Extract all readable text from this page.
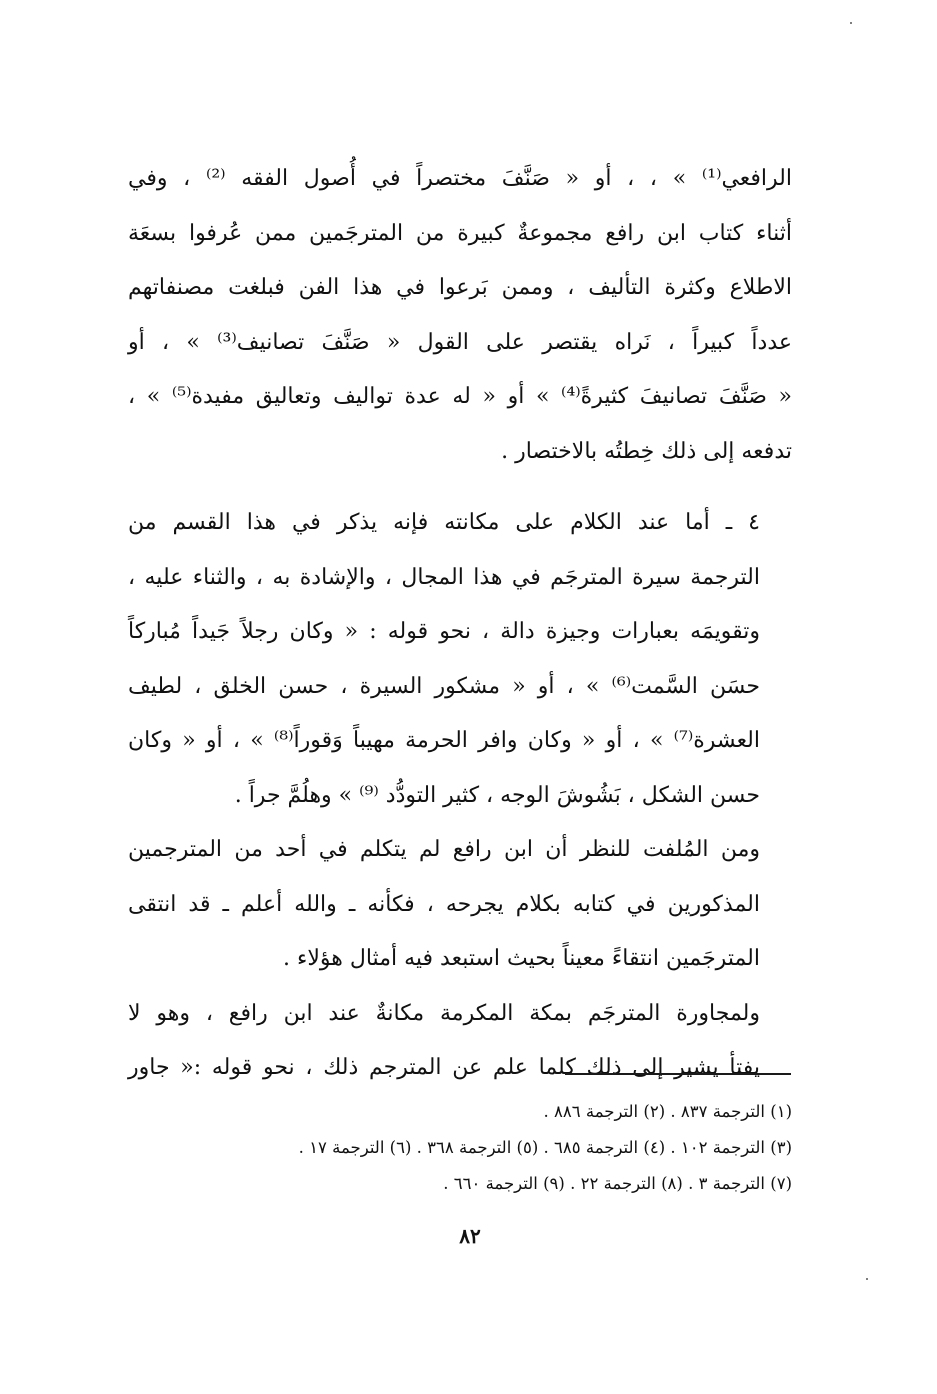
الرافعي⁽¹⁾ » ، ، أو « صَنَّفَ مختصراً في أُصول الفقه ⁽²⁾ ، وفي
أثناء كتاب ابن رافع مجموعةٌ كبيرة من المترجَمين ممن عُرفوا بسعَة
الاطلاع وكثرة التأليف ، وممن بَرعوا في هذا الفن فبلغت مصنفاتهم
عدداً كبيراً ، نَراه يقتصر على القول « صَنَّفَ تصانيف⁽³⁾ » ، أو
« صَنَّفَ تصانيفَ كثيرةً⁽⁴⁾ » أو « له عدة تواليف وتعاليق مفيدة⁽⁵⁾ » ،
تدفعه إلى ذلك خِطتُه بالاختصار .

٤ ـ أما عند الكلام على مكانته فإنه يذكر في هذا القسم من
الترجمة سيرة المترجَم في هذا المجال ، والإشادة به ، والثناء عليه ،
وتقويمَه بعبارات وجيزة دالة ، نحو قوله : « وكان رجلاً جَيداً مُباركاً
حسَن السَّمت⁽⁶⁾ » ، أو « مشكور السيرة ، حسن الخلق ، لطيف
العشرة⁽⁷⁾ » ، أو « وكان وافر الحرمة مهيباً وَقوراً⁽⁸⁾ » ، أو « وكان
حسن الشكل ، بَشُوشَ الوجه ، كثير التودُّد ⁽⁹⁾ » وهلُمَّ جراً .

ومن المُلفت للنظر أن ابن رافع لم يتكلم في أحد من المترجمين
المذكورين في كتابه بكلام يجرحه ، فكأنه ـ والله أعلم ـ قد انتقى
المترجَمين انتقاءً معيناً بحيث استبعد فيه أمثال هؤلاء .

ولمجاورة المترجَم بمكة المكرمة مكانةٌ عند ابن رافع ، وهو لا
يفتأ يشير إلى ذلك كلما علم عن المترجم ذلك ، نحو قوله :« جاور

(١) الترجمة ٨٣٧ . (٢) الترجمة ٨٨٦ .
(٣) الترجمة ١٠٢ . (٤) الترجمة ٦٨٥ . (٥) الترجمة ٣٦٨ . (٦) الترجمة ١٧ .
(٧) الترجمة ٣ . (٨) الترجمة ٢٢ . (٩) الترجمة ٦٦٠ .
٨٢
